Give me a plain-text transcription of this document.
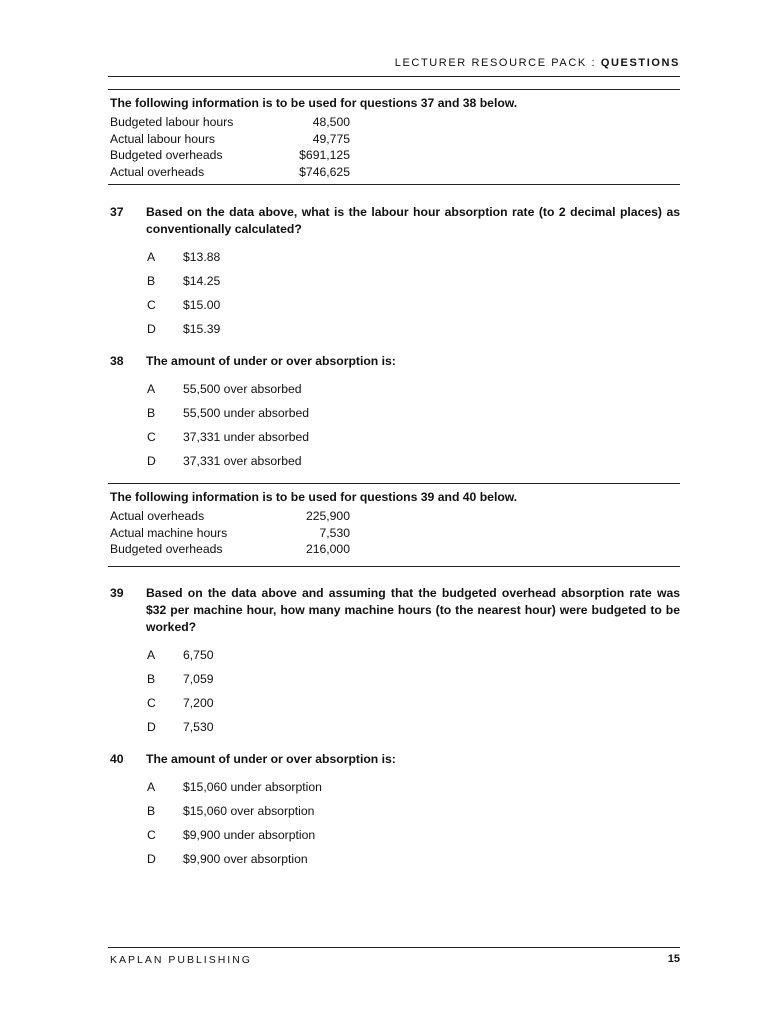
LECTURER RESOURCE PACK : QUESTIONS
The following information is to be used for questions 37 and 38 below.
Budgeted labour hours	48,500
Actual labour hours	49,775
Budgeted overheads	$691,125
Actual overheads	$746,625
37 Based on the data above, what is the labour hour absorption rate (to 2 decimal places) as conventionally calculated?
A $13.88
B $14.25
C $15.00
D $15.39
38 The amount of under or over absorption is:
A 55,500 over absorbed
B 55,500 under absorbed
C 37,331 under absorbed
D 37,331 over absorbed
The following information is to be used for questions 39 and 40 below.
Actual overheads	225,900
Actual machine hours	7,530
Budgeted overheads	216,000
39 Based on the data above and assuming that the budgeted overhead absorption rate was $32 per machine hour, how many machine hours (to the nearest hour) were budgeted to be worked?
A 6,750
B 7,059
C 7,200
D 7,530
40 The amount of under or over absorption is:
A $15,060 under absorption
B $15,060 over absorption
C $9,900 under absorption
D $9,900 over absorption
KAPLAN PUBLISHING	15
